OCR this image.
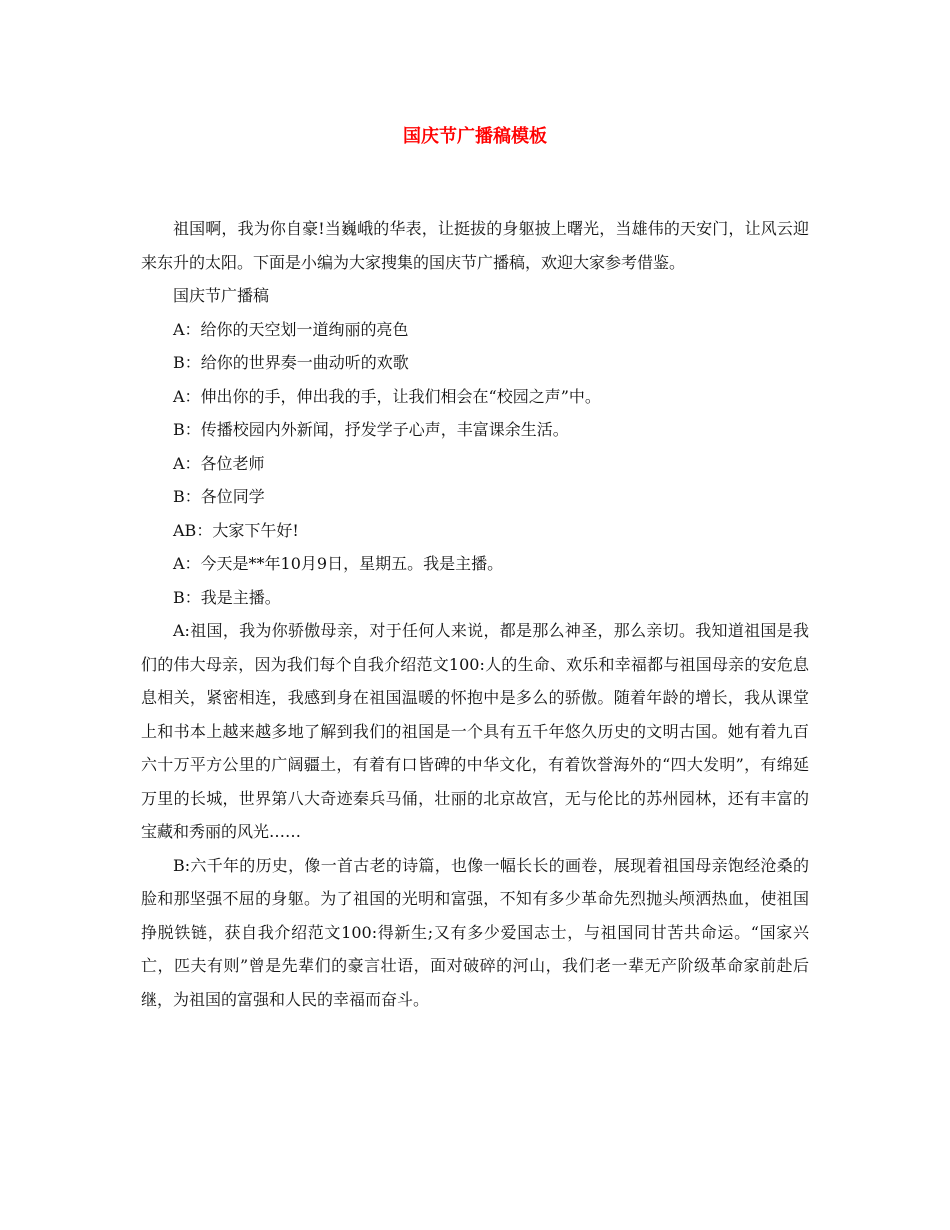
国庆节广播稿模板

祖国啊，我为你自豪!当巍峨的华表，让挺拔的身躯披上曙光，当雄伟的天安门，让风云迎来东升的太阳。下面是小编为大家搜集的国庆节广播稿，欢迎大家参考借鉴。

国庆节广播稿

A：给你的天空划一道绚丽的亮色

B：给你的世界奏一曲动听的欢歌

A：伸出你的手，伸出我的手，让我们相会在“校园之声”中。

B：传播校园内外新闻，抒发学子心声，丰富课余生活。

A：各位老师

B：各位同学

AB：大家下午好!

A：今天是**年10月9日，星期五。我是主播。

B：我是主播。

A:祖国，我为你骄傲母亲，对于任何人来说，都是那么神圣，那么亲切。我知道祖国是我们的伟大母亲，因为我们每个自我介绍范文100:人的生命、欢乐和幸福都与祖国母亲的安危息息相关，紧密相连，我感到身在祖国温暖的怀抱中是多么的骄傲。随着年龄的增长，我从课堂上和书本上越来越多地了解到我们的祖国是一个具有五千年悠久历史的文明古国。她有着九百六十万平方公里的广阔疆土，有着有口皆碑的中华文化，有着饮誉海外的“四大发明”，有绵延万里的长城，世界第八大奇迹秦兵马俑，壮丽的北京故宫，无与伦比的苏州园林，还有丰富的宝藏和秀丽的风光……

B:六千年的历史，像一首古老的诗篇，也像一幅长长的画卷，展现着祖国母亲饱经沧桑的脸和那坚强不屈的身躯。为了祖国的光明和富强，不知有多少革命先烈抛头颅洒热血，使祖国挣脱铁链，获自我介绍范文100:得新生;又有多少爱国志士，与祖国同甘苦共命运。“国家兴亡，匹夫有则”曾是先辈们的豪言壮语，面对破碎的河山，我们老一辈无产阶级革命家前赴后继，为祖国的富强和人民的幸福而奋斗。
